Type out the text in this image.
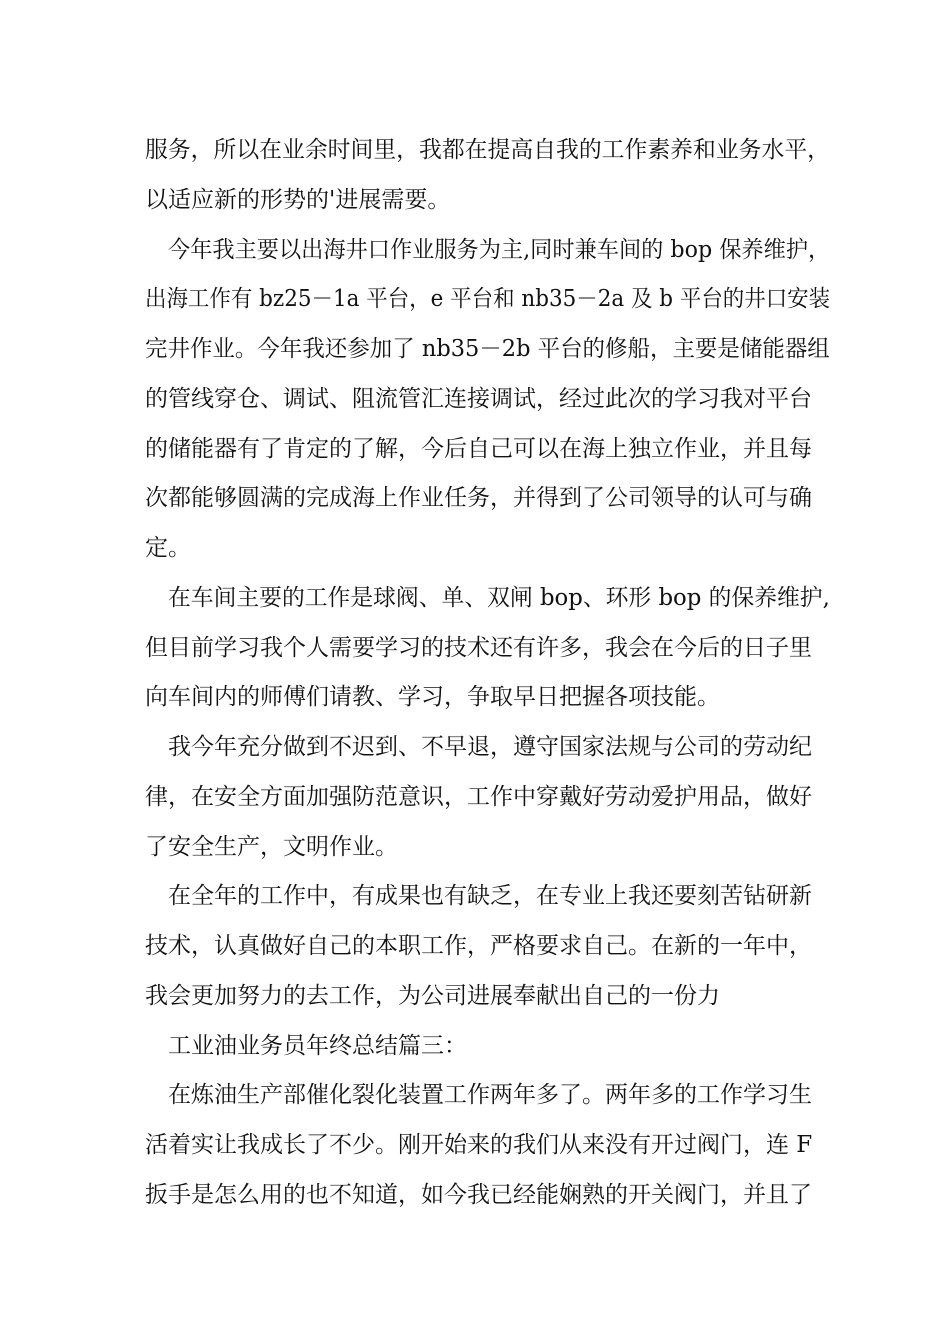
服务，所以在业余时间里，我都在提高自我的工作素养和业务水平，
以适应新的形势的'进展需要。
今年我主要以出海井口作业服务为主,同时兼车间的 bop 保养维护，
出海工作有 bz25－1a 平台，e 平台和 nb35－2a 及 b 平台的井口安装
完井作业。今年我还参加了 nb35－2b 平台的修船，主要是储能器组
的管线穿仓、调试、阻流管汇连接调试，经过此次的学习我对平台
的储能器有了肯定的了解，今后自己可以在海上独立作业，并且每
次都能够圆满的完成海上作业任务，并得到了公司领导的认可与确
定。
在车间主要的工作是球阀、单、双闸 bop、环形 bop 的保养维护,
但目前学习我个人需要学习的技术还有许多，我会在今后的日子里
向车间内的师傅们请教、学习，争取早日把握各项技能。
我今年充分做到不迟到、不早退，遵守国家法规与公司的劳动纪
律，在安全方面加强防范意识，工作中穿戴好劳动爱护用品，做好
了安全生产，文明作业。
在全年的工作中，有成果也有缺乏，在专业上我还要刻苦钻研新
技术，认真做好自己的本职工作，严格要求自己。在新的一年中，
我会更加努力的去工作，为公司进展奉献出自己的一份力
工业油业务员年终总结篇三：
在炼油生产部催化裂化装置工作两年多了。两年多的工作学习生
活着实让我成长了不少。刚开始来的我们从来没有开过阀门，连 F
扳手是怎么用的也不知道，如今我已经能娴熟的开关阀门，并且了
